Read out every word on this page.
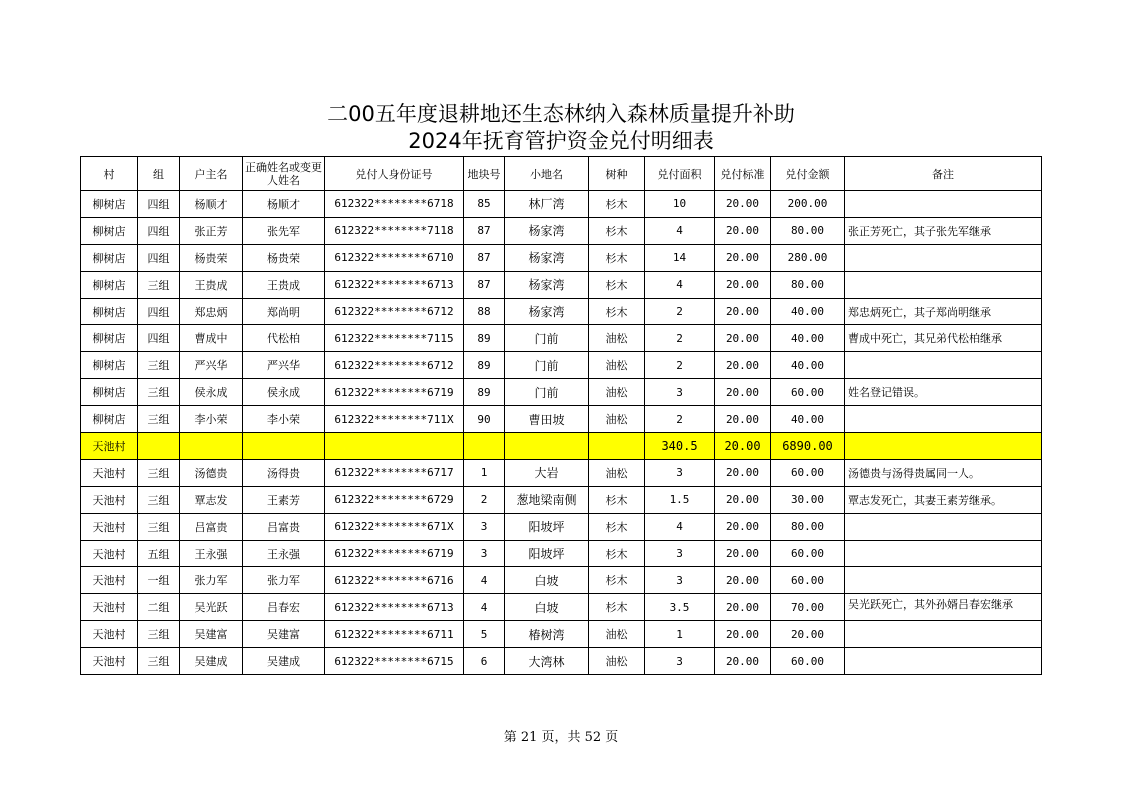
二00五年度退耕地还生态林纳入森林质量提升补助
2024年抚育管护资金兑付明细表
村	组	户主名	正确姓名或变更人姓名	兑付人身份证号	地块号	小地名	树种	兑付面积	兑付标准	兑付金额	备注
柳树店	四组	杨顺才	杨顺才	612322********6718	85	林厂湾	杉木	10	20.00	200.00	
柳树店	四组	张正芳	张先军	612322********7118	87	杨家湾	杉木	4	20.00	80.00	张正芳死亡，其子张先军继承
柳树店	四组	杨贵荣	杨贵荣	612322********6710	87	杨家湾	杉木	14	20.00	280.00	
柳树店	三组	王贵成	王贵成	612322********6713	87	杨家湾	杉木	4	20.00	80.00	
柳树店	四组	郑忠炳	郑尚明	612322********6712	88	杨家湾	杉木	2	20.00	40.00	郑忠炳死亡，其子郑尚明继承
柳树店	四组	曹成中	代松柏	612322********7115	89	门前	油松	2	20.00	40.00	曹成中死亡，其兄弟代松柏继承
柳树店	三组	严兴华	严兴华	612322********6712	89	门前	油松	2	20.00	40.00	
柳树店	三组	侯永成	侯永成	612322********6719	89	门前	油松	3	20.00	60.00	姓名登记错误。
柳树店	三组	李小荣	李小荣	612322********711X	90	曹田坡	油松	2	20.00	40.00	
天池村								340.5	20.00	6890.00	
天池村	三组	汤德贵	汤得贵	612322********6717	1	大岩	油松	3	20.00	60.00	汤德贵与汤得贵属同一人。
天池村	三组	覃志发	王素芳	612322********6729	2	葱地梁南侧	杉木	1.5	20.00	30.00	覃志发死亡，其妻王素芳继承。
天池村	三组	吕富贵	吕富贵	612322********671X	3	阳坡坪	杉木	4	20.00	80.00	
天池村	五组	王永强	王永强	612322********6719	3	阳坡坪	杉木	3	20.00	60.00	
天池村	一组	张力军	张力军	612322********6716	4	白坡	杉木	3	20.00	60.00	
天池村	二组	吴光跃	吕春宏	612322********6713	4	白坡	杉木	3.5	20.00	70.00	吴光跃死亡，其外孙婿吕春宏继承
天池村	三组	吴建富	吴建富	612322********6711	5	椿树湾	油松	1	20.00	20.00	
天池村	三组	吴建成	吴建成	612322********6715	6	大湾林	油松	3	20.00	60.00	
第 21 页，共 52 页
